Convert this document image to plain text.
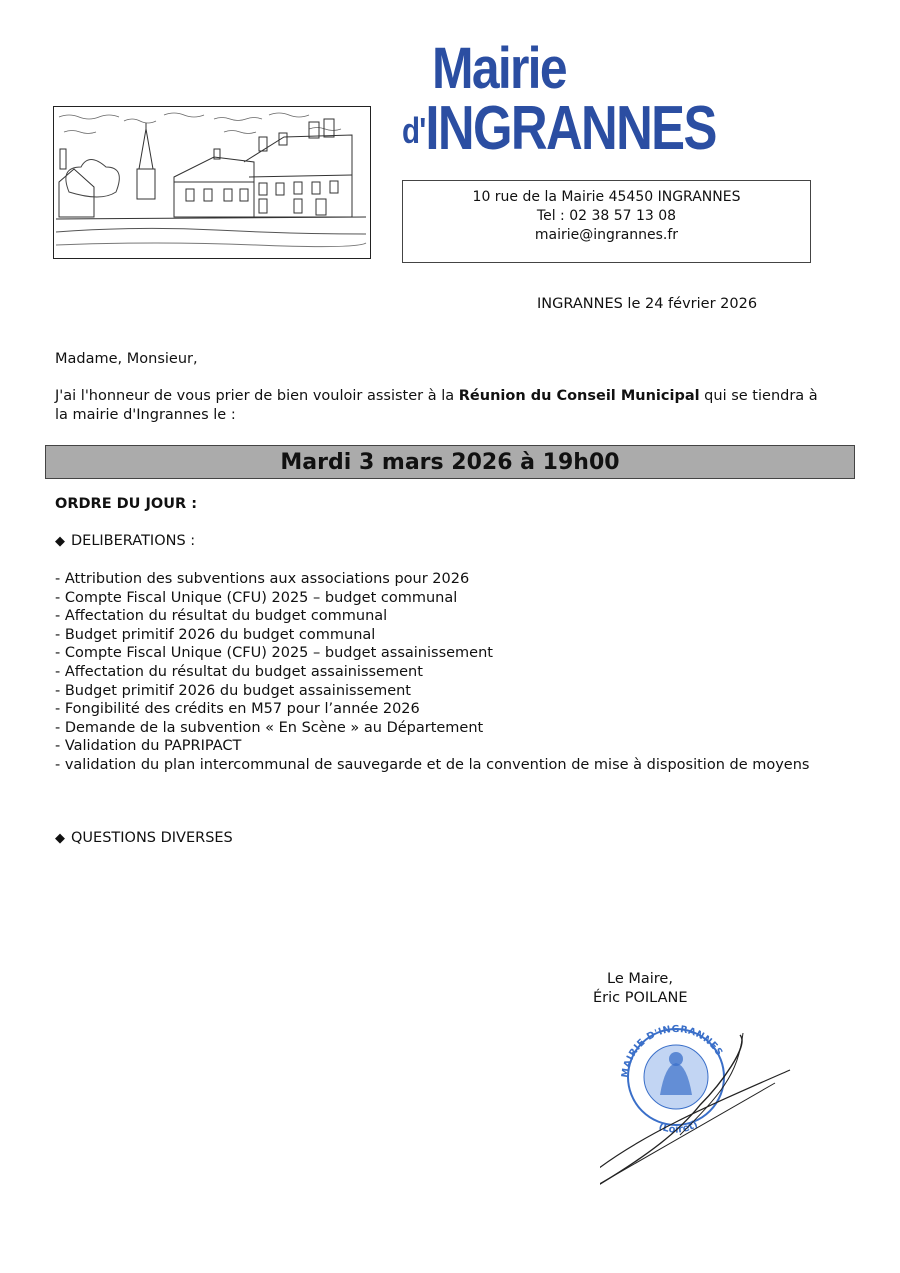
Mairie
d'INGRANNES
10 rue de la Mairie 45450 INGRANNES
Tel : 02 38 57 13 08
mairie@ingrannes.fr
INGRANNES le 24 février 2026
Madame, Monsieur,
J'ai l'honneur de vous prier de bien vouloir assister à la Réunion du Conseil Municipal qui se tiendra à la mairie d'Ingrannes le :
Mardi 3 mars 2026 à 19h00
ORDRE DU JOUR :
◆ DELIBERATIONS :
- Attribution des subventions aux associations pour 2026
- Compte Fiscal Unique (CFU) 2025 – budget communal
- Affectation du résultat du budget communal
- Budget primitif 2026 du budget communal
- Compte Fiscal Unique (CFU) 2025 – budget assainissement
- Affectation du résultat du budget assainissement
- Budget primitif 2026 du budget assainissement
- Fongibilité des crédits en M57 pour l’année 2026
- Demande de la subvention « En Scène » au Département
- Validation du PAPRIPACT
- validation du plan intercommunal de sauvegarde et de la convention de mise à disposition de moyens
◆ QUESTIONS DIVERSES
Le Maire,
Éric POILANE
MAIRIE D'INGRANNES
(Loiret)
